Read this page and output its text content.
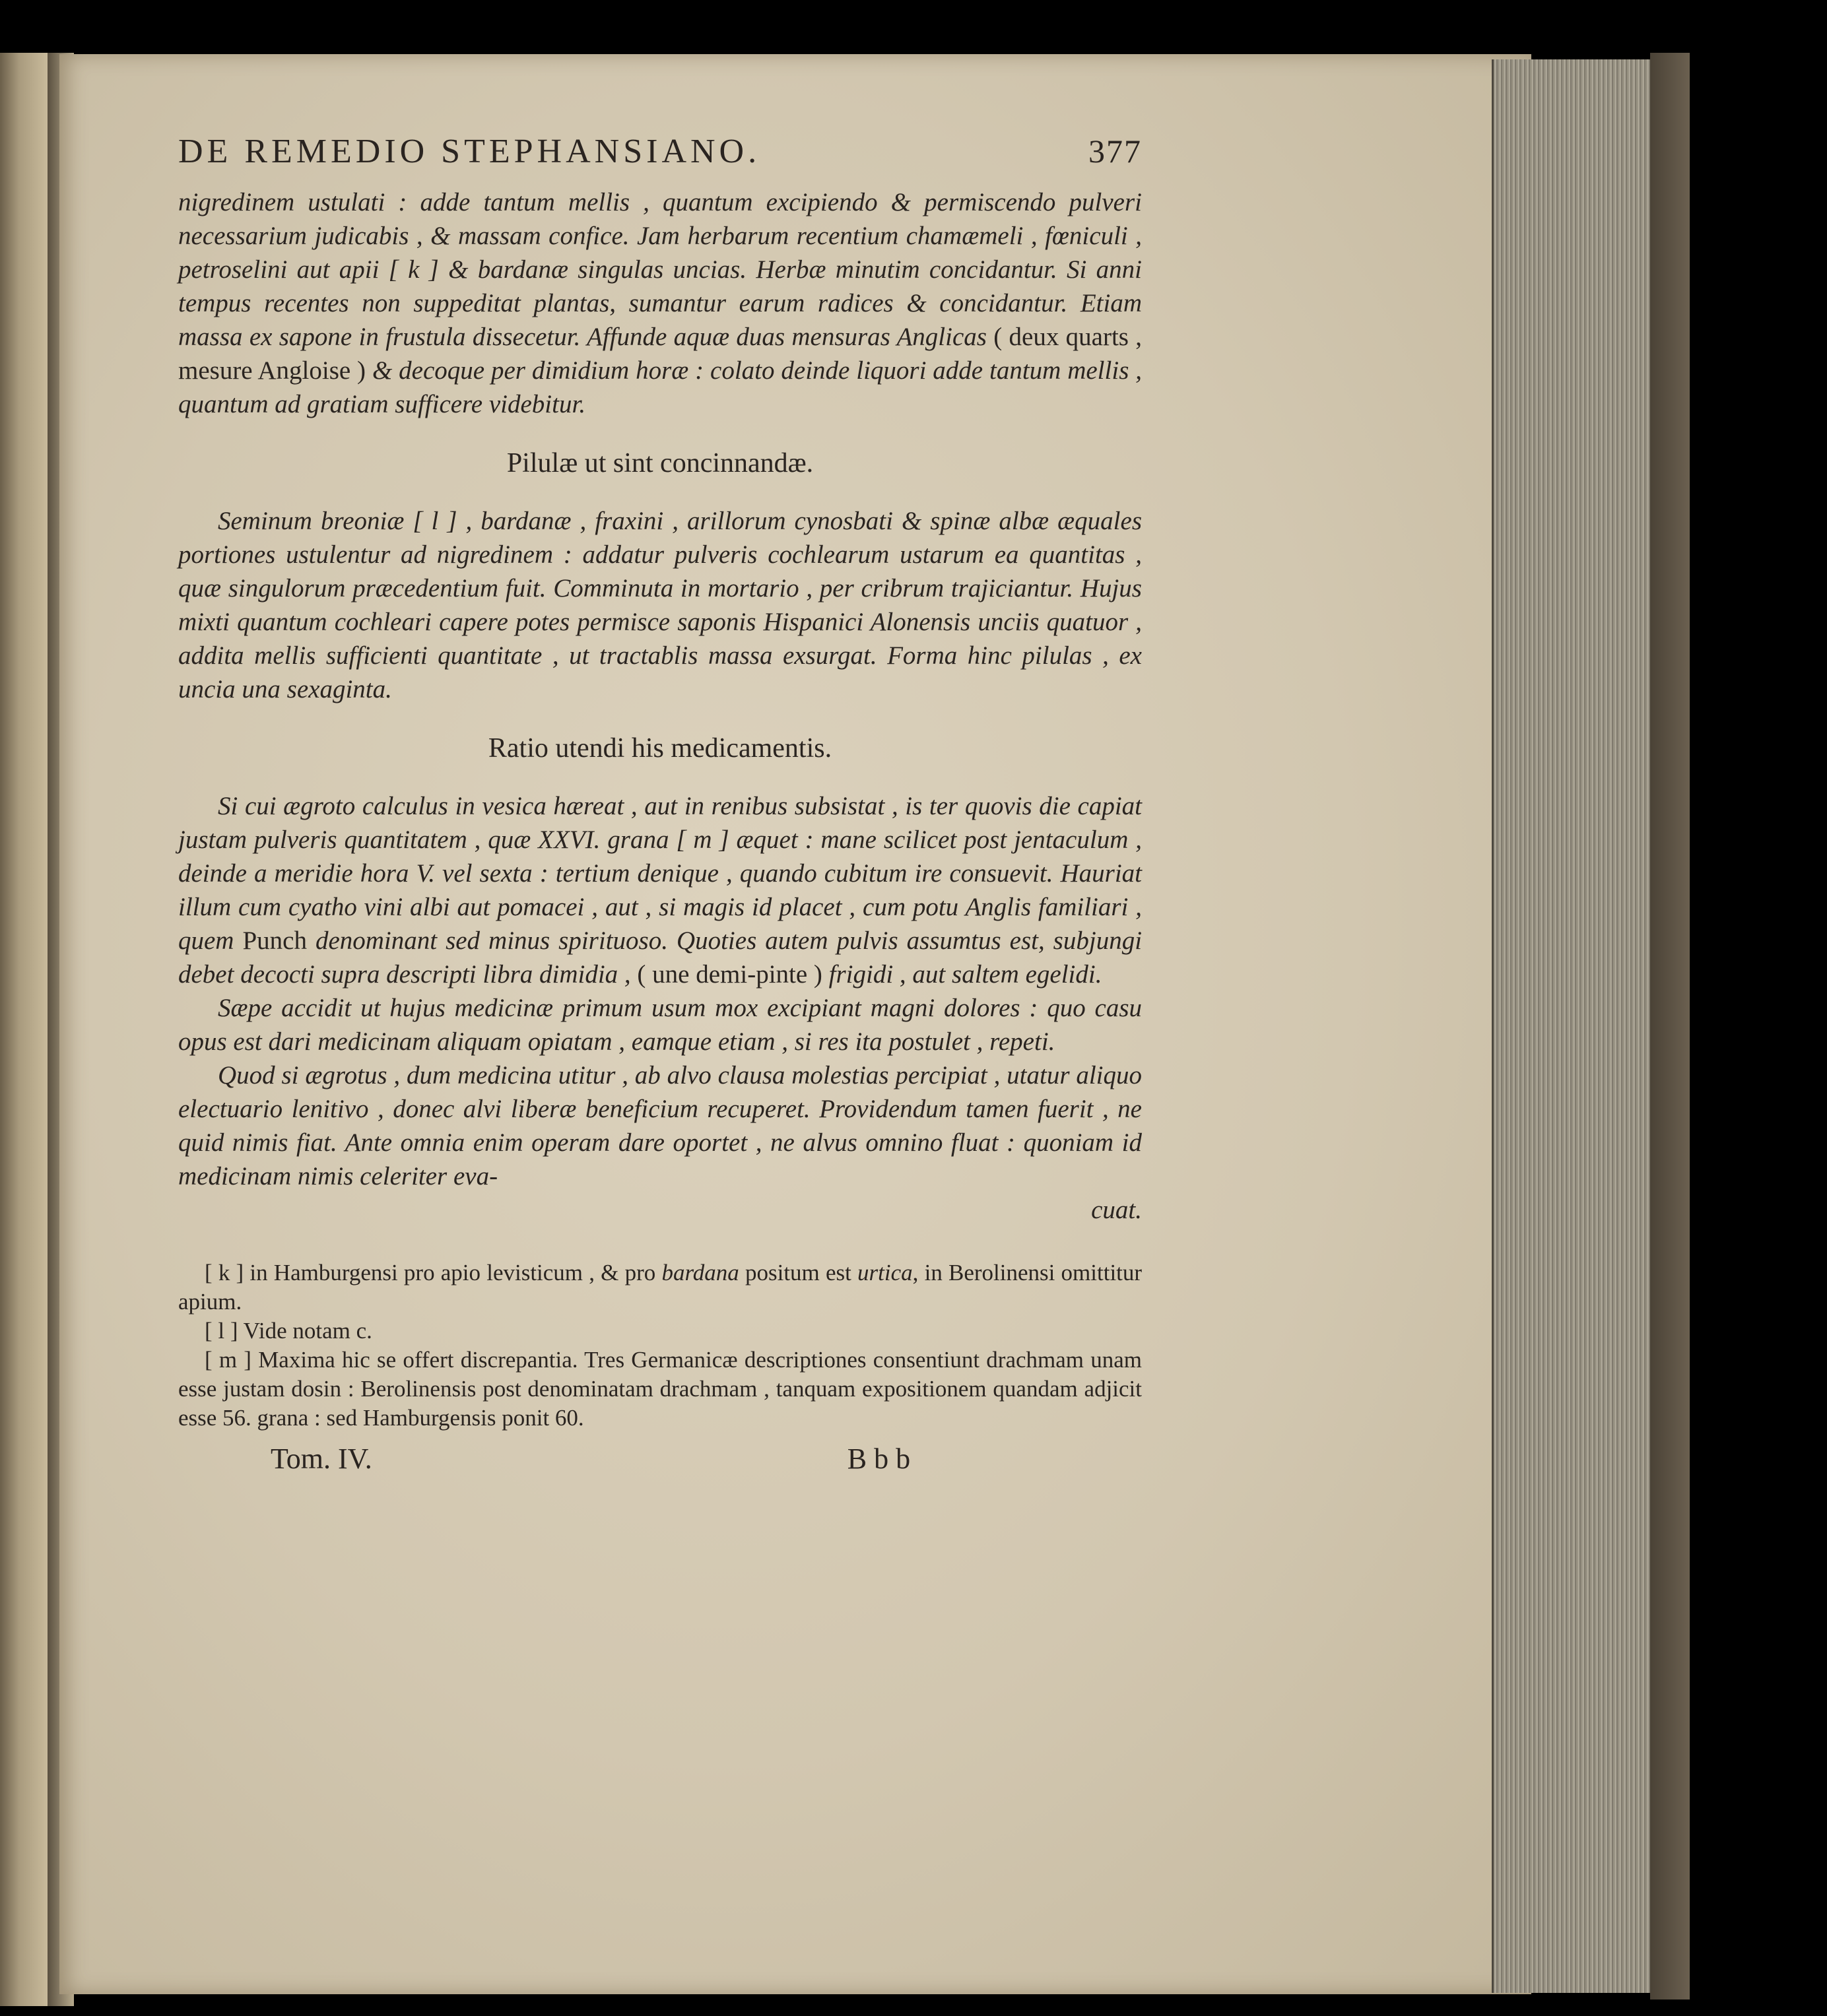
DE REMEDIO STEPHANSIANO.	377

nigredinem ustulati : adde tantum mellis , quantum excipiendo & permiscendo pulveri necessarium judicabis , & massam confice. Jam herbarum recentium chamæmeli , fœniculi , petroselini aut apii [ k ] & bardanæ singulas uncias. Herbæ minutim concidantur. Si anni tempus recentes non suppeditat plantas, sumantur earum radices & concidantur. Etiam massa ex sapone in frustula dissecetur. Affunde aquæ duas mensuras Anglicas ( deux quarts , mesure Angloise ) & decoque per dimidium horæ : colato deinde liquori adde tantum mellis , quantum ad gratiam sufficere videbitur.

Pilulæ ut sint concinnandæ.

Seminum breoniæ [ l ] , bardanæ , fraxini , arillorum cynosbati & spinæ albæ æquales portiones ustulentur ad nigredinem : addatur pulveris cochlearum ustarum ea quantitas , quæ singulorum præcedentium fuit. Comminuta in mortario , per cribrum trajiciantur. Hujus mixti quantum cochleari capere potes permisce saponis Hispanici Alonensis unciis quatuor , addita mellis sufficienti quantitate , ut tractablis massa exsurgat. Forma hinc pilulas , ex uncia una sexaginta.

Ratio utendi his medicamentis.

Si cui ægroto calculus in vesica hæreat , aut in renibus subsistat , is ter quovis die capiat justam pulveris quantitatem , quæ XXVI. grana [ m ] æquet : mane scilicet post jentaculum , deinde a meridie hora V. vel sexta : tertium denique , quando cubitum ire consuevit. Hauriat illum cum cyatho vini albi aut pomacei , aut , si magis id placet , cum potu Anglis familiari , quem Punch denominant sed minus spirituoso. Quoties autem pulvis assumtus est, subjungi debet decocti supra descripti libra dimidia , ( une demi-pinte ) frigidi , aut saltem egelidi.

Sæpe accidit ut hujus medicinæ primum usum mox excipiant magni dolores : quo casu opus est dari medicinam aliquam opiatam , eamque etiam , si res ita postulet , repeti.

Quod si ægrotus , dum medicina utitur , ab alvo clausa molestias percipiat , utatur aliquo electuario lenitivo , donec alvi liberæ beneficium recuperet. Providendum tamen fuerit , ne quid nimis fiat. Ante omnia enim operam dare oportet , ne alvus omnino fluat : quoniam id medicinam nimis celeriter eva-

cuat.

[ k ] in Hamburgensi pro apio levisticum , & pro bardana positum est urtica, in Berolinensi omittitur apium.

[ l ] Vide notam c.

[ m ] Maxima hic se offert discrepantia. Tres Germanicæ descriptiones consentiunt drachmam unam esse justam dosin : Berolinensis post denominatam drachmam , tanquam expositionem quandam adjicit esse 56. grana : sed Hamburgensis ponit 60.

Tom. IV.	B b b
